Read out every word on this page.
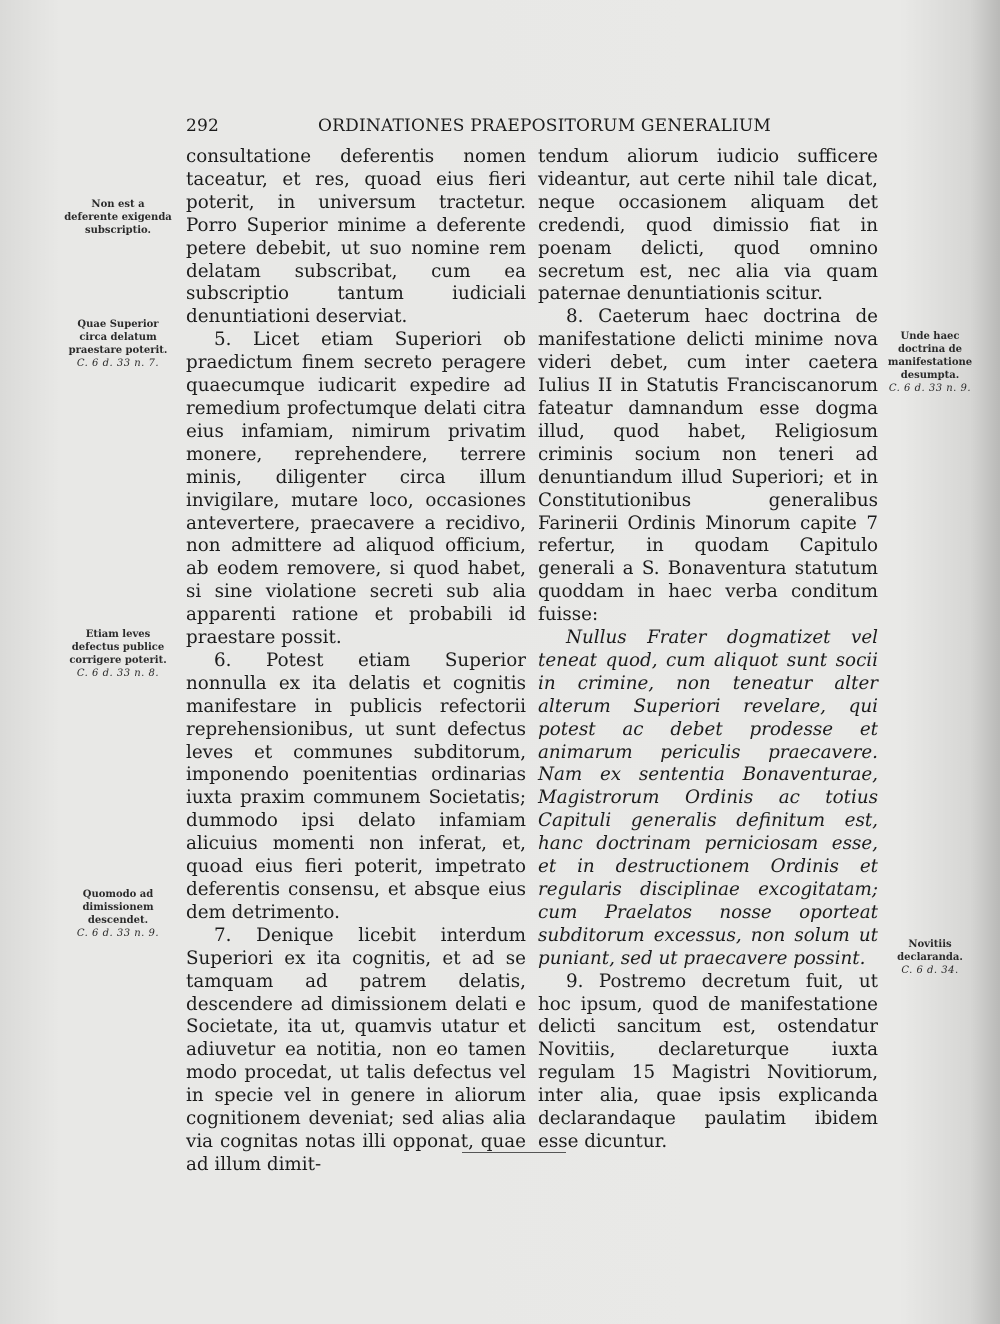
292	ORDINATIONES PRAEPOSITORUM GENERALIUM
Non est a deferente exigenda subscriptio.
Quae Superior circa delatum praestare poterit.
C. 6 d. 33 n. 7.
Etiam leves defectus publice corrigere poterit.
C. 6 d. 33 n. 8.
Quomodo ad dimissionem descendet.
C. 6 d. 33 n. 9.
Unde haec doctrina de manifestatione desumpta.
C. 6 d. 33 n. 9.
Novitiis declaranda.
C. 6 d. 34.

consultatione deferentis nomen taceatur, et res, quoad eius fieri poterit, in universum tractetur. Porro Superior minime a deferente petere debebit, ut suo nomine rem delatam subscribat, cum ea subscriptio tantum iudiciali denuntiationi deserviat.

5. Licet etiam Superiori ob praedictum finem secreto peragere quaecumque iudicarit expedire ad remedium profectumque delati citra eius infamiam, nimirum privatim monere, reprehendere, terrere minis, diligenter circa illum invigilare, mutare loco, occasiones antevertere, praecavere a recidivo, non admittere ad aliquod officium, ab eodem removere, si quod habet, si sine violatione secreti sub alia apparenti ratione et probabili id praestare possit.

6. Potest etiam Superior nonnulla ex ita delatis et cognitis manifestare in publicis refectorii reprehensionibus, ut sunt defectus leves et communes subditorum, imponendo poenitentias ordinarias iuxta praxim communem Societatis; dummodo ipsi delato infamiam alicuius momenti non inferat, et, quoad eius fieri poterit, impetrato deferentis consensu, et absque eius dem detrimento.

7. Denique licebit interdum Superiori ex ita cognitis, et ad se tamquam ad patrem delatis, descendere ad dimissionem delati e Societate, ita ut, quamvis utatur et adiuvetur ea notitia, non eo tamen modo procedat, ut talis defectus vel in specie vel in genere in aliorum cognitionem deveniat; sed alias alia via cognitas notas illi opponat, quae ad illum dimit-

tendum aliorum iudicio sufficere videantur, aut certe nihil tale dicat, neque occasionem aliquam det credendi, quod dimissio fiat in poenam delicti, quod omnino secretum est, nec alia via quam paternae denuntiationis scitur.

8. Caeterum haec doctrina de manifestatione delicti minime nova videri debet, cum inter caetera Iulius II in Statutis Franciscanorum fateatur damnandum esse dogma illud, quod habet, Religiosum criminis socium non teneri ad denuntiandum illud Superiori; et in Constitutionibus generalibus Farinerii Ordinis Minorum capite 7 refertur, in quodam Capitulo generali a S. Bonaventura statutum quoddam in haec verba conditum fuisse:

Nullus Frater dogmatizet vel teneat quod, cum aliquot sunt socii in crimine, non teneatur alter alterum Superiori revelare, qui potest ac debet prodesse et animarum periculis praecavere. Nam ex sententia Bonaventurae, Magistrorum Ordinis ac totius Capituli generalis definitum est, hanc doctrinam perniciosam esse, et in destructionem Ordinis et regularis disciplinae excogitatam; cum Praelatos nosse oporteat subditorum excessus, non solum ut puniant, sed ut praecavere possint.

9. Postremo decretum fuit, ut hoc ipsum, quod de manifestatione delicti sancitum est, ostendatur Novitiis, declareturque iuxta regulam 15 Magistri Novitiorum, inter alia, quae ipsis explicanda declarandaque paulatim ibidem esse dicuntur.
